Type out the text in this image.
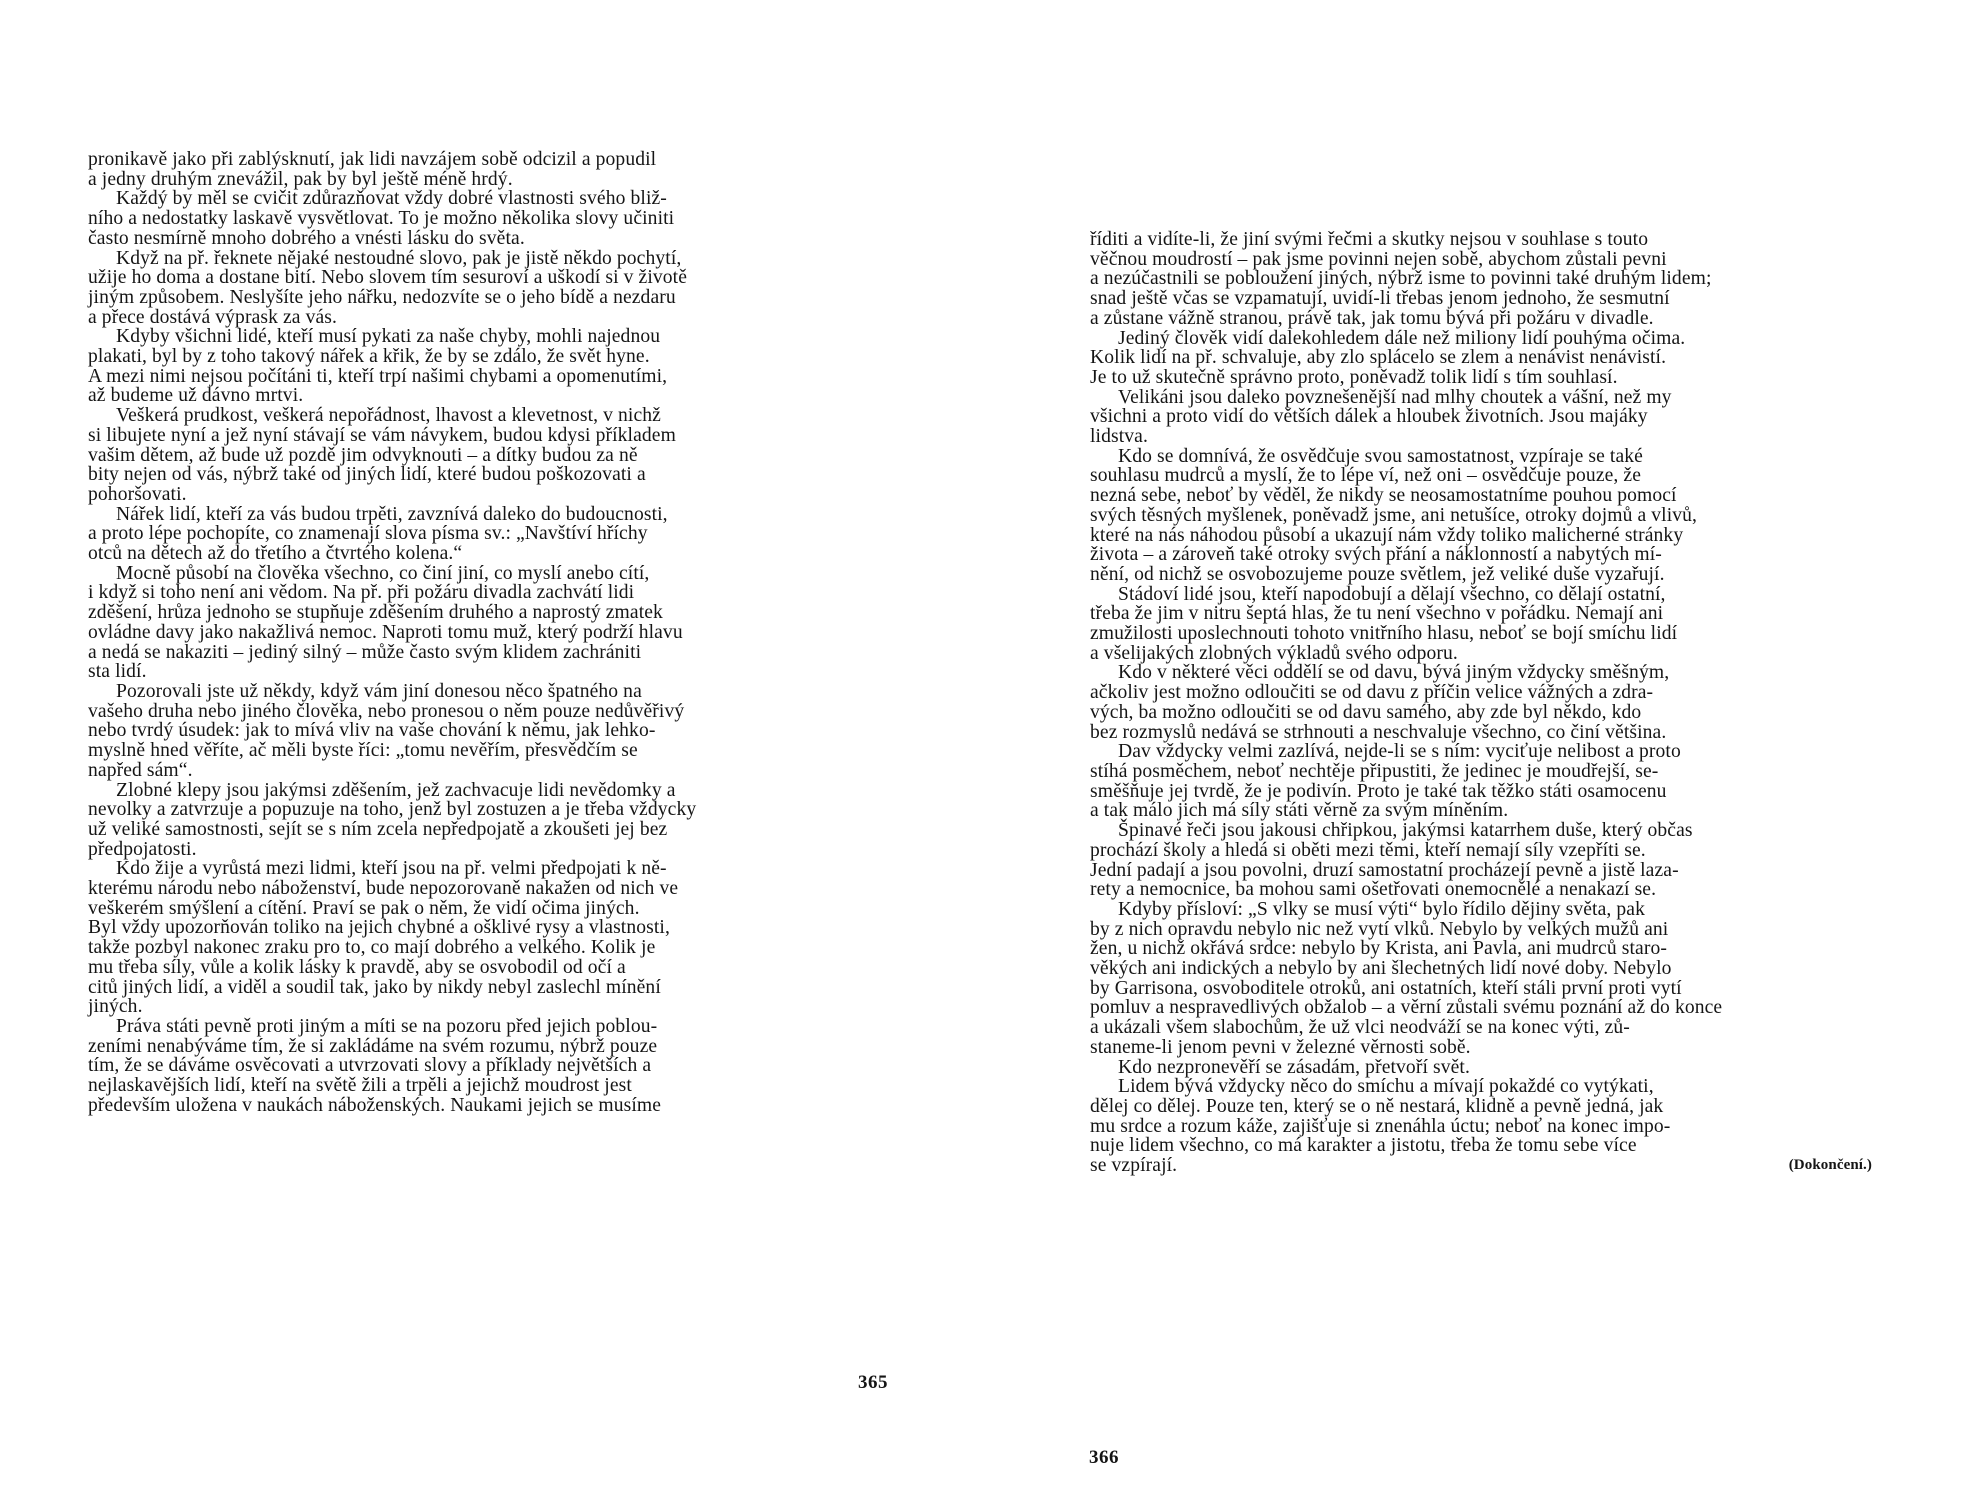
pronikavě jako při zablýsknutí, jak lidi navzájem sobě odcizil a popudil
a jedny druhým znevážil, pak by byl ještě méně hrdý.

Každý by měl se cvičit zdůrazňovat vždy dobré vlastnosti svého bliž-
ního a nedostatky laskavě vysvětlovat. To je možno několika slovy učiniti
často nesmírně mnoho dobrého a vnésti lásku do světa.

Když na př. řeknete nějaké nestoudné slovo, pak je jistě někdo pochytí,
užije ho doma a dostane bití. Nebo slovem tím sesuroví a uškodí si v životě
jiným způsobem. Neslyšíte jeho nářku, nedozvíte se o jeho bídě a nezdaru
a přece dostává výprask za vás.

Kdyby všichni lidé, kteří musí pykati za naše chyby, mohli najednou
plakati, byl by z toho takový nářek a křik, že by se zdálo, že svět hyne.
A mezi nimi nejsou počítáni ti, kteří trpí našimi chybami a opomenutími,
až budeme už dávno mrtvi.

Veškerá prudkost, veškerá nepořádnost, lhavost a klevetnost, v nichž
si libujete nyní a jež nyní stávají se vám návykem, budou kdysi příkladem
vašim dětem, až bude už pozdě jim odvyknouti – a dítky budou za ně
bity nejen od vás, nýbrž také od jiných lidí, které budou poškozovati a
pohoršovati.

Nářek lidí, kteří za vás budou trpěti, zavznívá daleko do budoucnosti,
a proto lépe pochopíte, co znamenají slova písma sv.: „Navštíví hříchy
otců na dětech až do třetího a čtvrtého kolena.“

Mocně působí na člověka všechno, co činí jiní, co myslí anebo cítí,
i když si toho není ani vědom. Na př. při požáru divadla zachvátí lidi
zděšení, hrůza jednoho se stupňuje zděšením druhého a naprostý zmatek
ovládne davy jako nakažlivá nemoc. Naproti tomu muž, který podrží hlavu
a nedá se nakaziti – jediný silný – může často svým klidem zachrániti
sta lidí.

Pozorovali jste už někdy, když vám jiní donesou něco špatného na
vašeho druha nebo jiného člověka, nebo pronesou o něm pouze nedůvěřivý
nebo tvrdý úsudek: jak to mívá vliv na vaše chování k němu, jak lehko-
myslně hned věříte, ač měli byste říci: „tomu nevěřím, přesvědčím se
napřed sám“.

Zlobné klepy jsou jakýmsi zděšením, jež zachvacuje lidi nevědomky a
nevolky a zatvrzuje a popuzuje na toho, jenž byl zostuzen a je třeba vždycky
už veliké samostnosti, sejít se s ním zcela nepředpojatě a zkoušeti jej bez
předpojatosti.

Kdo žije a vyrůstá mezi lidmi, kteří jsou na př. velmi předpojati k ně-
kterému národu nebo náboženství, bude nepozorovaně nakažen od nich ve
veškerém smýšlení a cítění. Praví se pak o něm, že vidí očima jiných.
Byl vždy upozorňován toliko na jejich chybné a ošklivé rysy a vlastnosti,
takže pozbyl nakonec zraku pro to, co mají dobrého a velkého. Kolik je
mu třeba síly, vůle a kolik lásky k pravdě, aby se osvobodil od očí a
citů jiných lidí, a viděl a soudil tak, jako by nikdy nebyl zaslechl mínění
jiných.

Práva státi pevně proti jiným a míti se na pozoru před jejich poblou-
zeními nenabýváme tím, že si zakládáme na svém rozumu, nýbrž pouze
tím, že se dáváme osvěcovati a utvrzovati slovy a příklady největších a
nejlaskavějších lidí, kteří na světě žili a trpěli a jejichž moudrost jest
především uložena v naukách náboženských. Naukami jejich se musíme

365

říditi a vidíte-li, že jiní svými řečmi a skutky nejsou v souhlase s touto
věčnou moudrostí – pak jsme povinni nejen sobě, abychom zůstali pevni
a nezúčastnili se pobloužení jiných, nýbrž isme to povinni také druhým lidem;
snad ještě včas se vzpamatují, uvidí-li třebas jenom jednoho, že sesmutní
a zůstane vážně stranou, právě tak, jak tomu bývá při požáru v divadle.

Jediný člověk vidí dalekohledem dále než miliony lidí pouhýma očima.
Kolik lidí na př. schvaluje, aby zlo splácelo se zlem a nenávist nenávistí.
Je to už skutečně správno proto, poněvadž tolik lidí s tím souhlasí.

Velikáni jsou daleko povznešenější nad mlhy choutek a vášní, než my
všichni a proto vidí do větších dálek a hloubek životních. Jsou majáky
lidstva.

Kdo se domnívá, že osvědčuje svou samostatnost, vzpíraje se také
souhlasu mudrců a myslí, že to lépe ví, než oni – osvědčuje pouze, že
nezná sebe, neboť by věděl, že nikdy se neosamostatníme pouhou pomocí
svých těsných myšlenek, poněvadž jsme, ani netušíce, otroky dojmů a vlivů,
které na nás náhodou působí a ukazují nám vždy toliko malicherné stránky
života – a zároveň také otroky svých přání a náklonností a nabytých mí-
nění, od nichž se osvobozujeme pouze světlem, jež veliké duše vyzařují.

Stádoví lidé jsou, kteří napodobují a dělají všechno, co dělají ostatní,
třeba že jim v nitru šeptá hlas, že tu není všechno v pořádku. Nemají ani
zmužilosti uposlechnouti tohoto vnitřního hlasu, neboť se bojí smíchu lidí
a všelijakých zlobných výkladů svého odporu.

Kdo v některé věci oddělí se od davu, bývá jiným vždycky směšným,
ačkoliv jest možno odloučiti se od davu z příčin velice vážných a zdra-
vých, ba možno odloučiti se od davu samého, aby zde byl někdo, kdo
bez rozmyslů nedává se strhnouti a neschvaluje všechno, co činí většina.

Dav vždycky velmi zazlívá, nejde-li se s ním: vyciťuje nelibost a proto
stíhá posměchem, neboť nechtěje připustiti, že jedinec je moudřejší, se-
směšňuje jej tvrdě, že je podivín. Proto je také tak těžko státi osamocenu
a tak málo jich má síly státi věrně za svým míněním.

Špinavé řeči jsou jakousi chřipkou, jakýmsi katarrhem duše, který občas
prochází školy a hledá si oběti mezi těmi, kteří nemají síly vzepříti se.
Jední padají a jsou povolni, druzí samostatní procházejí pevně a jistě laza-
rety a nemocnice, ba mohou sami ošetřovati onemocnělé a nenakazí se.

Kdyby přísloví: „S vlky se musí výti“ bylo řídilo dějiny světa, pak
by z nich opravdu nebylo nic než vytí vlků. Nebylo by velkých mužů ani
žen, u nichž okřává srdce: nebylo by Krista, ani Pavla, ani mudrců staro-
věkých ani indických a nebylo by ani šlechetných lidí nové doby. Nebylo
by Garrisona, osvoboditele otroků, ani ostatních, kteří stáli první proti vytí
pomluv a nespravedlivých obžalob – a věrní zůstali svému poznání až do konce
a ukázali všem slabochům, že už vlci neodváží se na konec výti, zů-
staneme-li jenom pevni v železné věrnosti sobě.

Kdo nezpronevěří se zásadám, přetvoří svět.

Lidem bývá vždycky něco do smíchu a mívají pokaždé co vytýkati,
dělej co dělej. Pouze ten, který se o ně nestará, klidně a pevně jedná, jak
mu srdce a rozum káže, zajišťuje si znenáhla úctu; neboť na konec impo-
nuje lidem všechno, co má karakter a jistotu, třeba že tomu sebe více
se vzpírají.	(Dokončení.)
366
